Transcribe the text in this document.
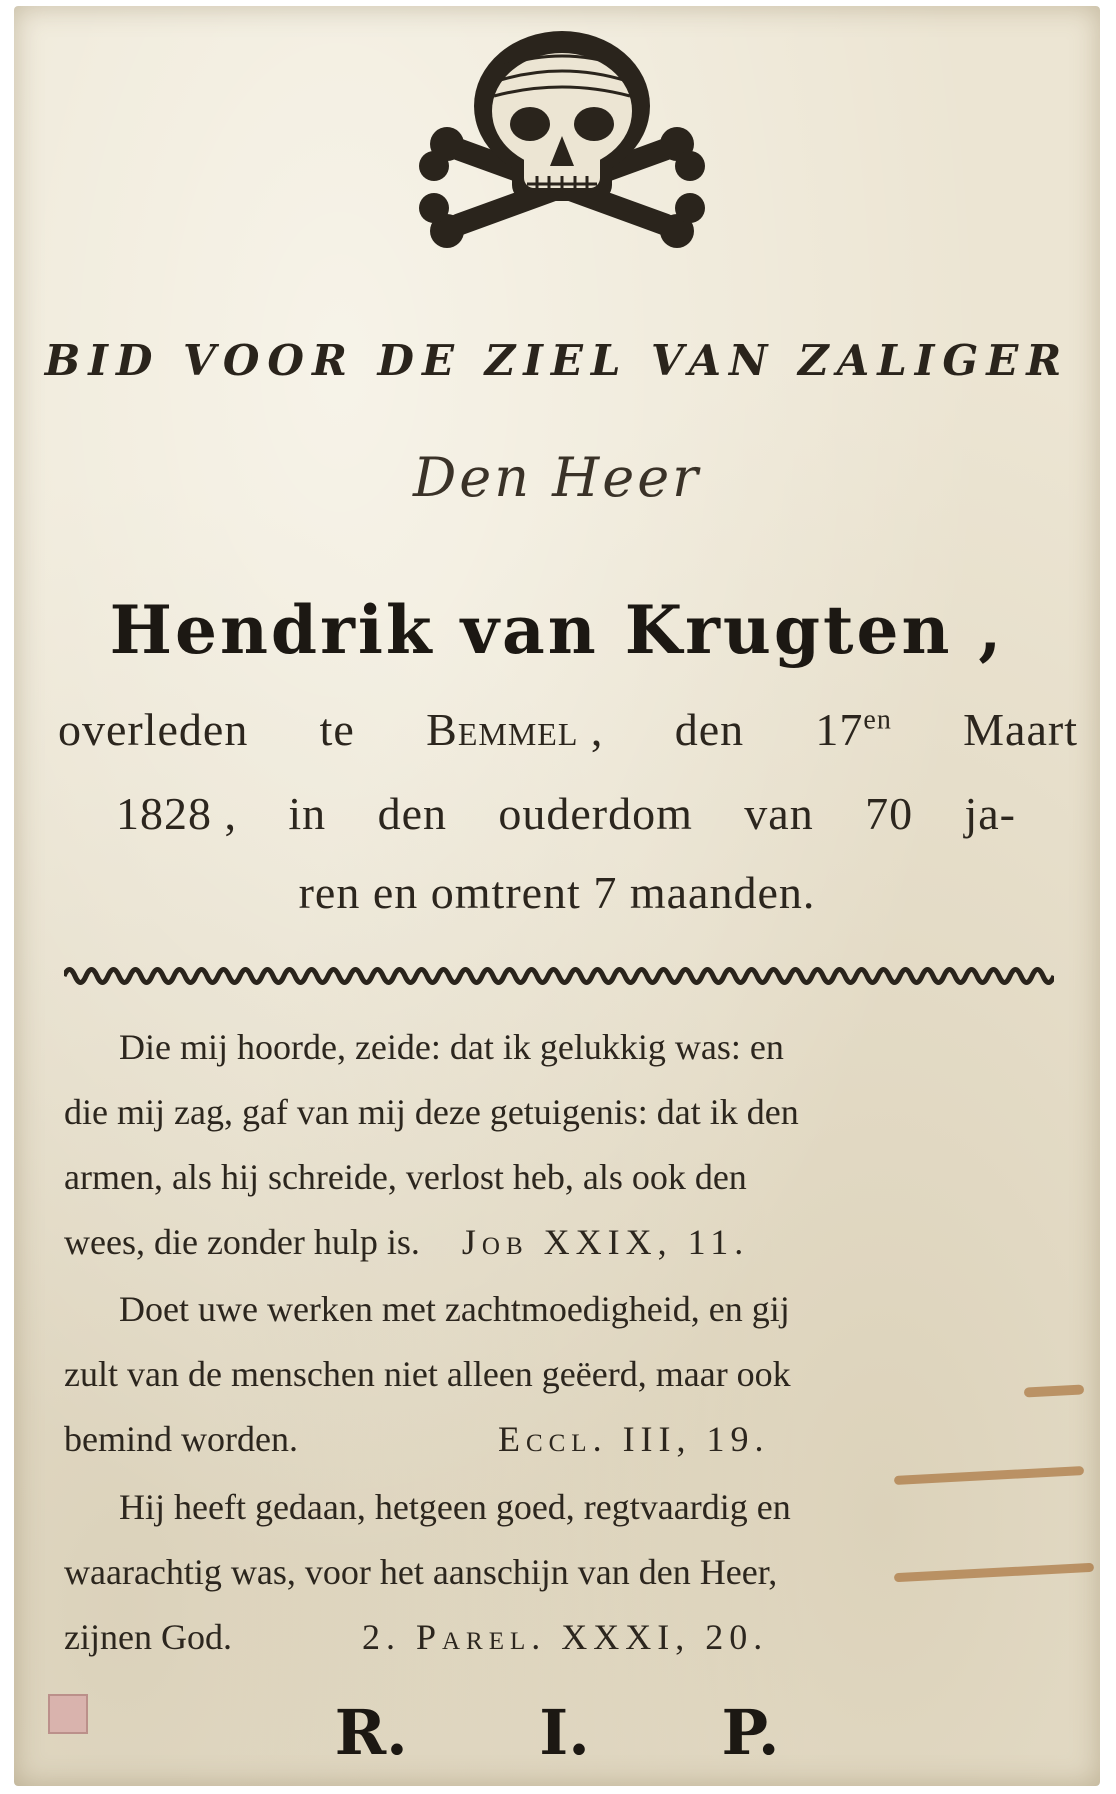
BID VOOR DE ZIEL VAN ZALIGER
Den Heer
Hendrik van Krugten ,
overleden te Bemmel , den $17^{en}$ Maart
1828 , in den ouderdom van 70 ja-
ren en omtrent 7 maanden.
Die mij hoorde, zeide: dat ik gelukkig was: en
die mij zag, gaf van mij deze getuigenis: dat ik den
armen, als hij schreide, verlost heb, als ook den
wees, die zonder hulp is. Job XXIX, 11.
Doet uwe werken met zachtmoedigheid, en gij
zult van de menschen niet alleen geëerd, maar ook
bemind worden.	Eccl. III, 19.
Hij heeft gedaan, hetgeen goed, regtvaardig en
waarachtig was, voor het aanschijn van den Heer,
zijnen God.	2. Parel. XXXI, 20.
R. I. P.
